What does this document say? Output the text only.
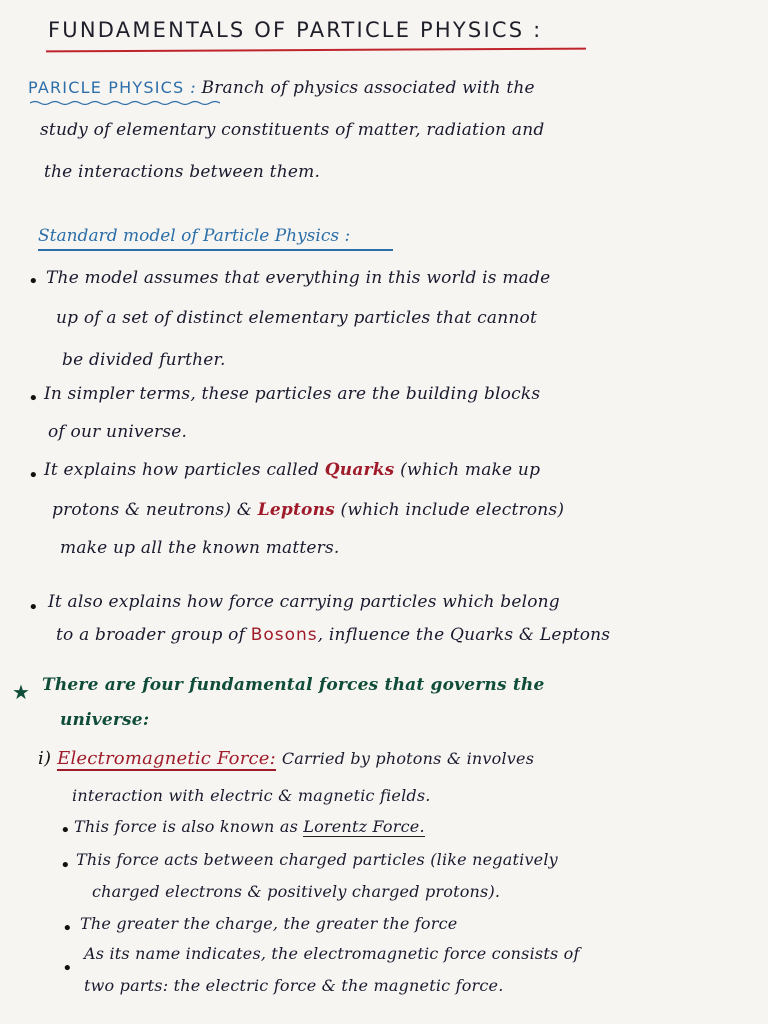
FUNDAMENTALS OF PARTICLE PHYSICS :
PARICLE PHYSICS : Branch of physics associated with the
study of elementary constituents of matter, radiation and
the interactions between them.
Standard model of Particle Physics :
• The model assumes that everything in this world is made
up of a set of distinct elementary particles that cannot
be divided further.
• In simpler terms, these particles are the building blocks
of our universe.
• It explains how particles called Quarks (which make up
protons & neutrons) & Leptons (which include electrons)
make up all the known matters.
• It also explains how force carrying particles which belong
to a broader group of Bosons, influence the Quarks & Leptons
★ There are four fundamental forces that governs the
universe:
i) Electromagnetic Force: Carried by photons & involves
interaction with electric & magnetic fields.
• This force is also known as Lorentz Force.
• This force acts between charged particles (like negatively
charged electrons & positively charged protons).
• The greater the charge, the greater the force
•
As its name indicates, the electromagnetic force consists of
two parts: the electric force & the magnetic force.
